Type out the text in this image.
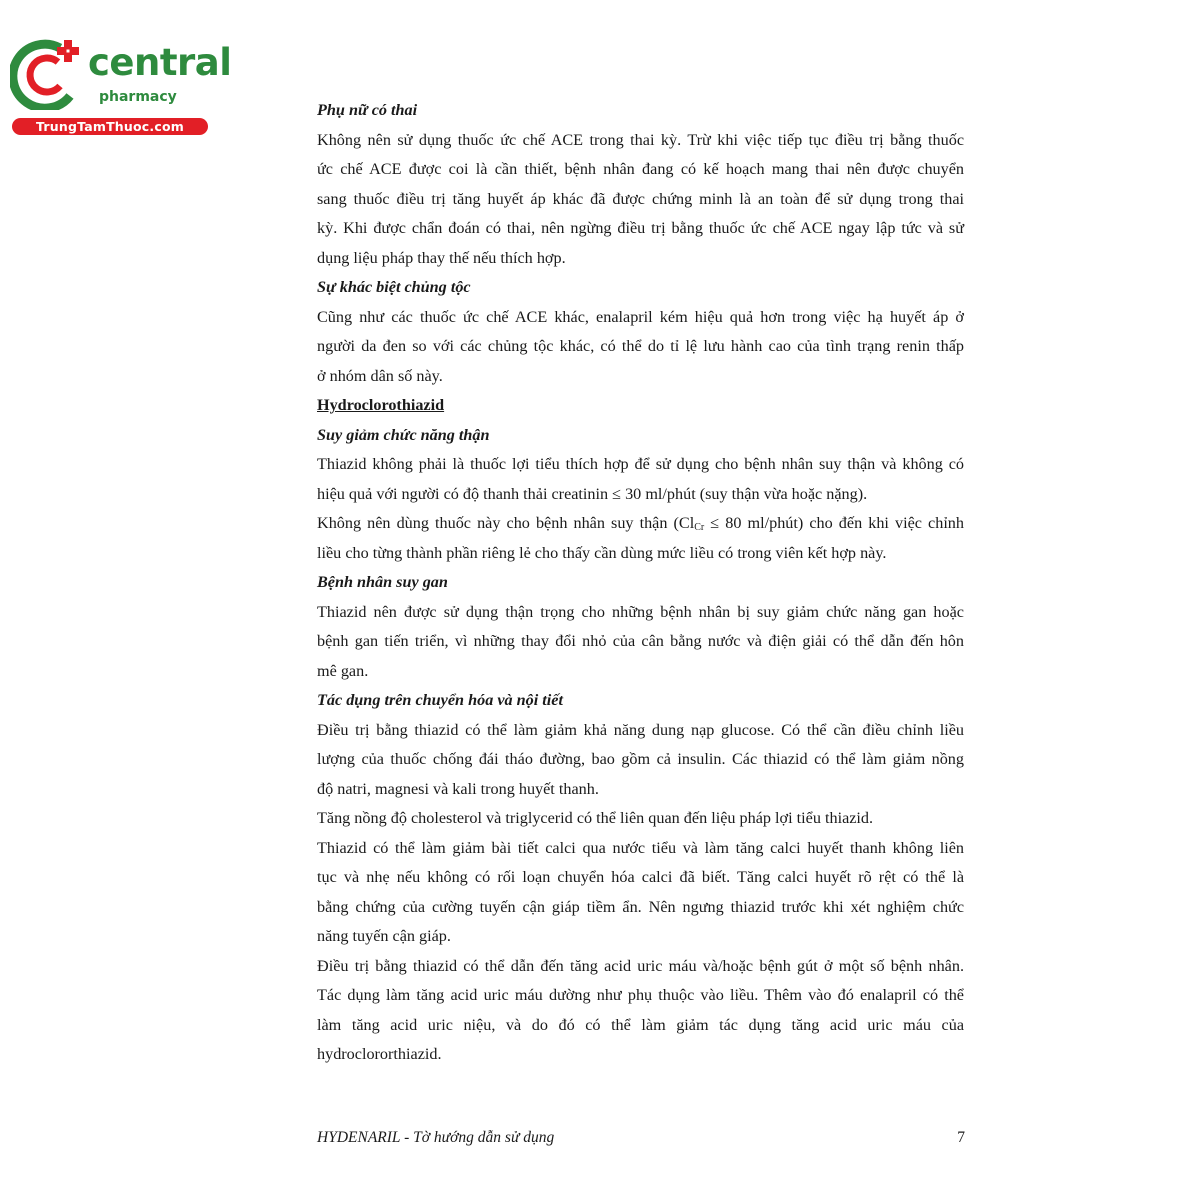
central
pharmacy
TrungTamThuoc.com
Phụ nữ có thai
Không nên sử dụng thuốc ức chế ACE trong thai kỳ. Trừ khi việc tiếp tục điều trị bằng thuốc
ức chế ACE được coi là cần thiết, bệnh nhân đang có kế hoạch mang thai nên được chuyển
sang thuốc điều trị tăng huyết áp khác đã được chứng minh là an toàn để sử dụng trong thai
kỳ. Khi được chẩn đoán có thai, nên ngừng điều trị bằng thuốc ức chế ACE ngay lập tức và sử
dụng liệu pháp thay thế nếu thích hợp.
Sự khác biệt chủng tộc
Cũng như các thuốc ức chế ACE khác, enalapril kém hiệu quả hơn trong việc hạ huyết áp ở
người da đen so với các chủng tộc khác, có thể do tỉ lệ lưu hành cao của tình trạng renin thấp
ở nhóm dân số này.
Hydroclorothiazid
Suy giảm chức năng thận
Thiazid không phải là thuốc lợi tiểu thích hợp để sử dụng cho bệnh nhân suy thận và không có
hiệu quả với người có độ thanh thải creatinin ≤ 30 ml/phút (suy thận vừa hoặc nặng).
Không nên dùng thuốc này cho bệnh nhân suy thận ($Cl_{Cr} \le 80$ ml/phút) cho đến khi việc chỉnh
liều cho từng thành phần riêng lẻ cho thấy cần dùng mức liều có trong viên kết hợp này.
Bệnh nhân suy gan
Thiazid nên được sử dụng thận trọng cho những bệnh nhân bị suy giảm chức năng gan hoặc
bệnh gan tiến triển, vì những thay đổi nhỏ của cân bằng nước và điện giải có thể dẫn đến hôn
mê gan.
Tác dụng trên chuyển hóa và nội tiết
Điều trị bằng thiazid có thể làm giảm khả năng dung nạp glucose. Có thể cần điều chỉnh liều
lượng của thuốc chống đái tháo đường, bao gồm cả insulin. Các thiazid có thể làm giảm nồng
độ natri, magnesi và kali trong huyết thanh.
Tăng nồng độ cholesterol và triglycerid có thể liên quan đến liệu pháp lợi tiểu thiazid.
Thiazid có thể làm giảm bài tiết calci qua nước tiểu và làm tăng calci huyết thanh không liên
tục và nhẹ nếu không có rối loạn chuyển hóa calci đã biết. Tăng calci huyết rõ rệt có thể là
bằng chứng của cường tuyến cận giáp tiềm ẩn. Nên ngưng thiazid trước khi xét nghiệm chức
năng tuyến cận giáp.
Điều trị bằng thiazid có thể dẫn đến tăng acid uric máu và/hoặc bệnh gút ở một số bệnh nhân.
Tác dụng làm tăng acid uric máu dường như phụ thuộc vào liều. Thêm vào đó enalapril có thể
làm tăng acid uric niệu, và do đó có thể làm giảm tác dụng tăng acid uric máu của
hydroclororthiazid.
HYDENARIL - Tờ hướng dẫn sử dụng	7
